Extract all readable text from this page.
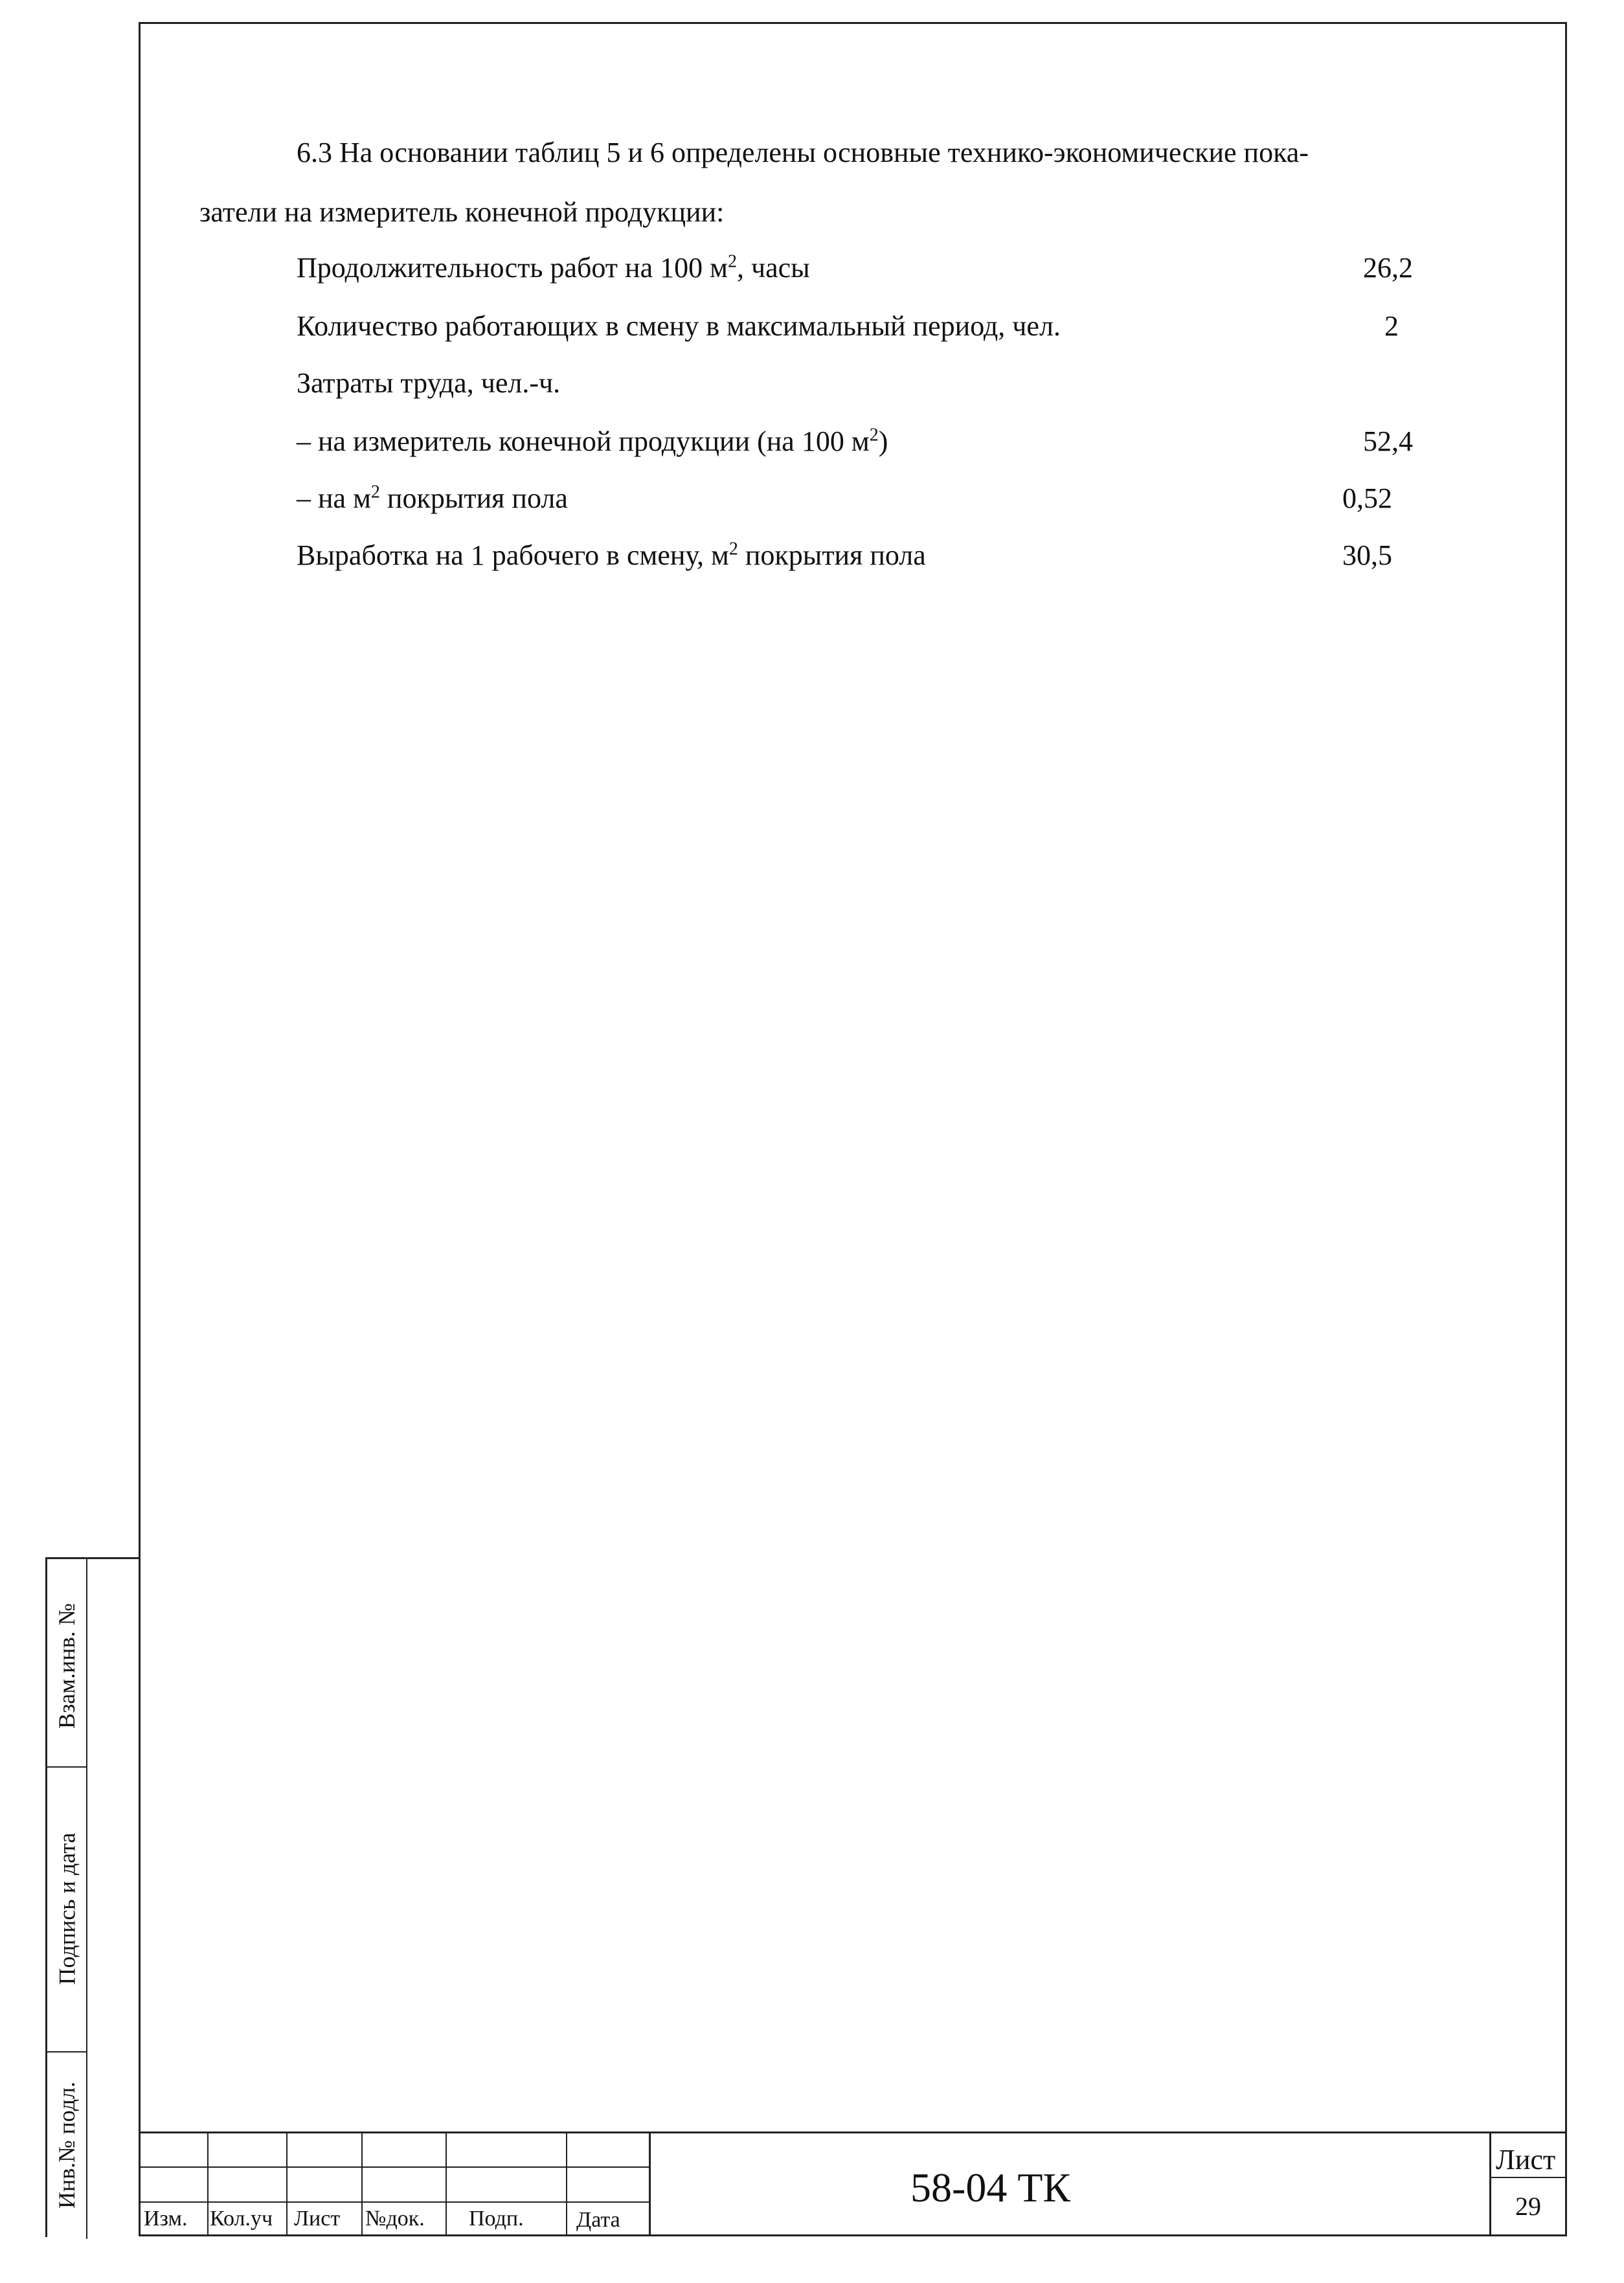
6.3 На основании таблиц 5 и 6 определены основные технико-экономические пока-
затели на измеритель конечной продукции:
Продолжительность работ на 100 $м^2$, часы	26,2
Количество работающих в смену в максимальный период, чел.	2
Затраты труда, чел.-ч.
– на измеритель конечной продукции (на 100 $м^2$)	52,4
– на $м^2$ покрытия пола	0,52
Выработка на 1 рабочего в смену, $м^2$ покрытия пола	30,5
Взам.инв. №
Подпись и дата
Инв.№ подл.
Изм. Кол.уч Лист №док. Подп. Дата
58-04 ТК
Лист
29
